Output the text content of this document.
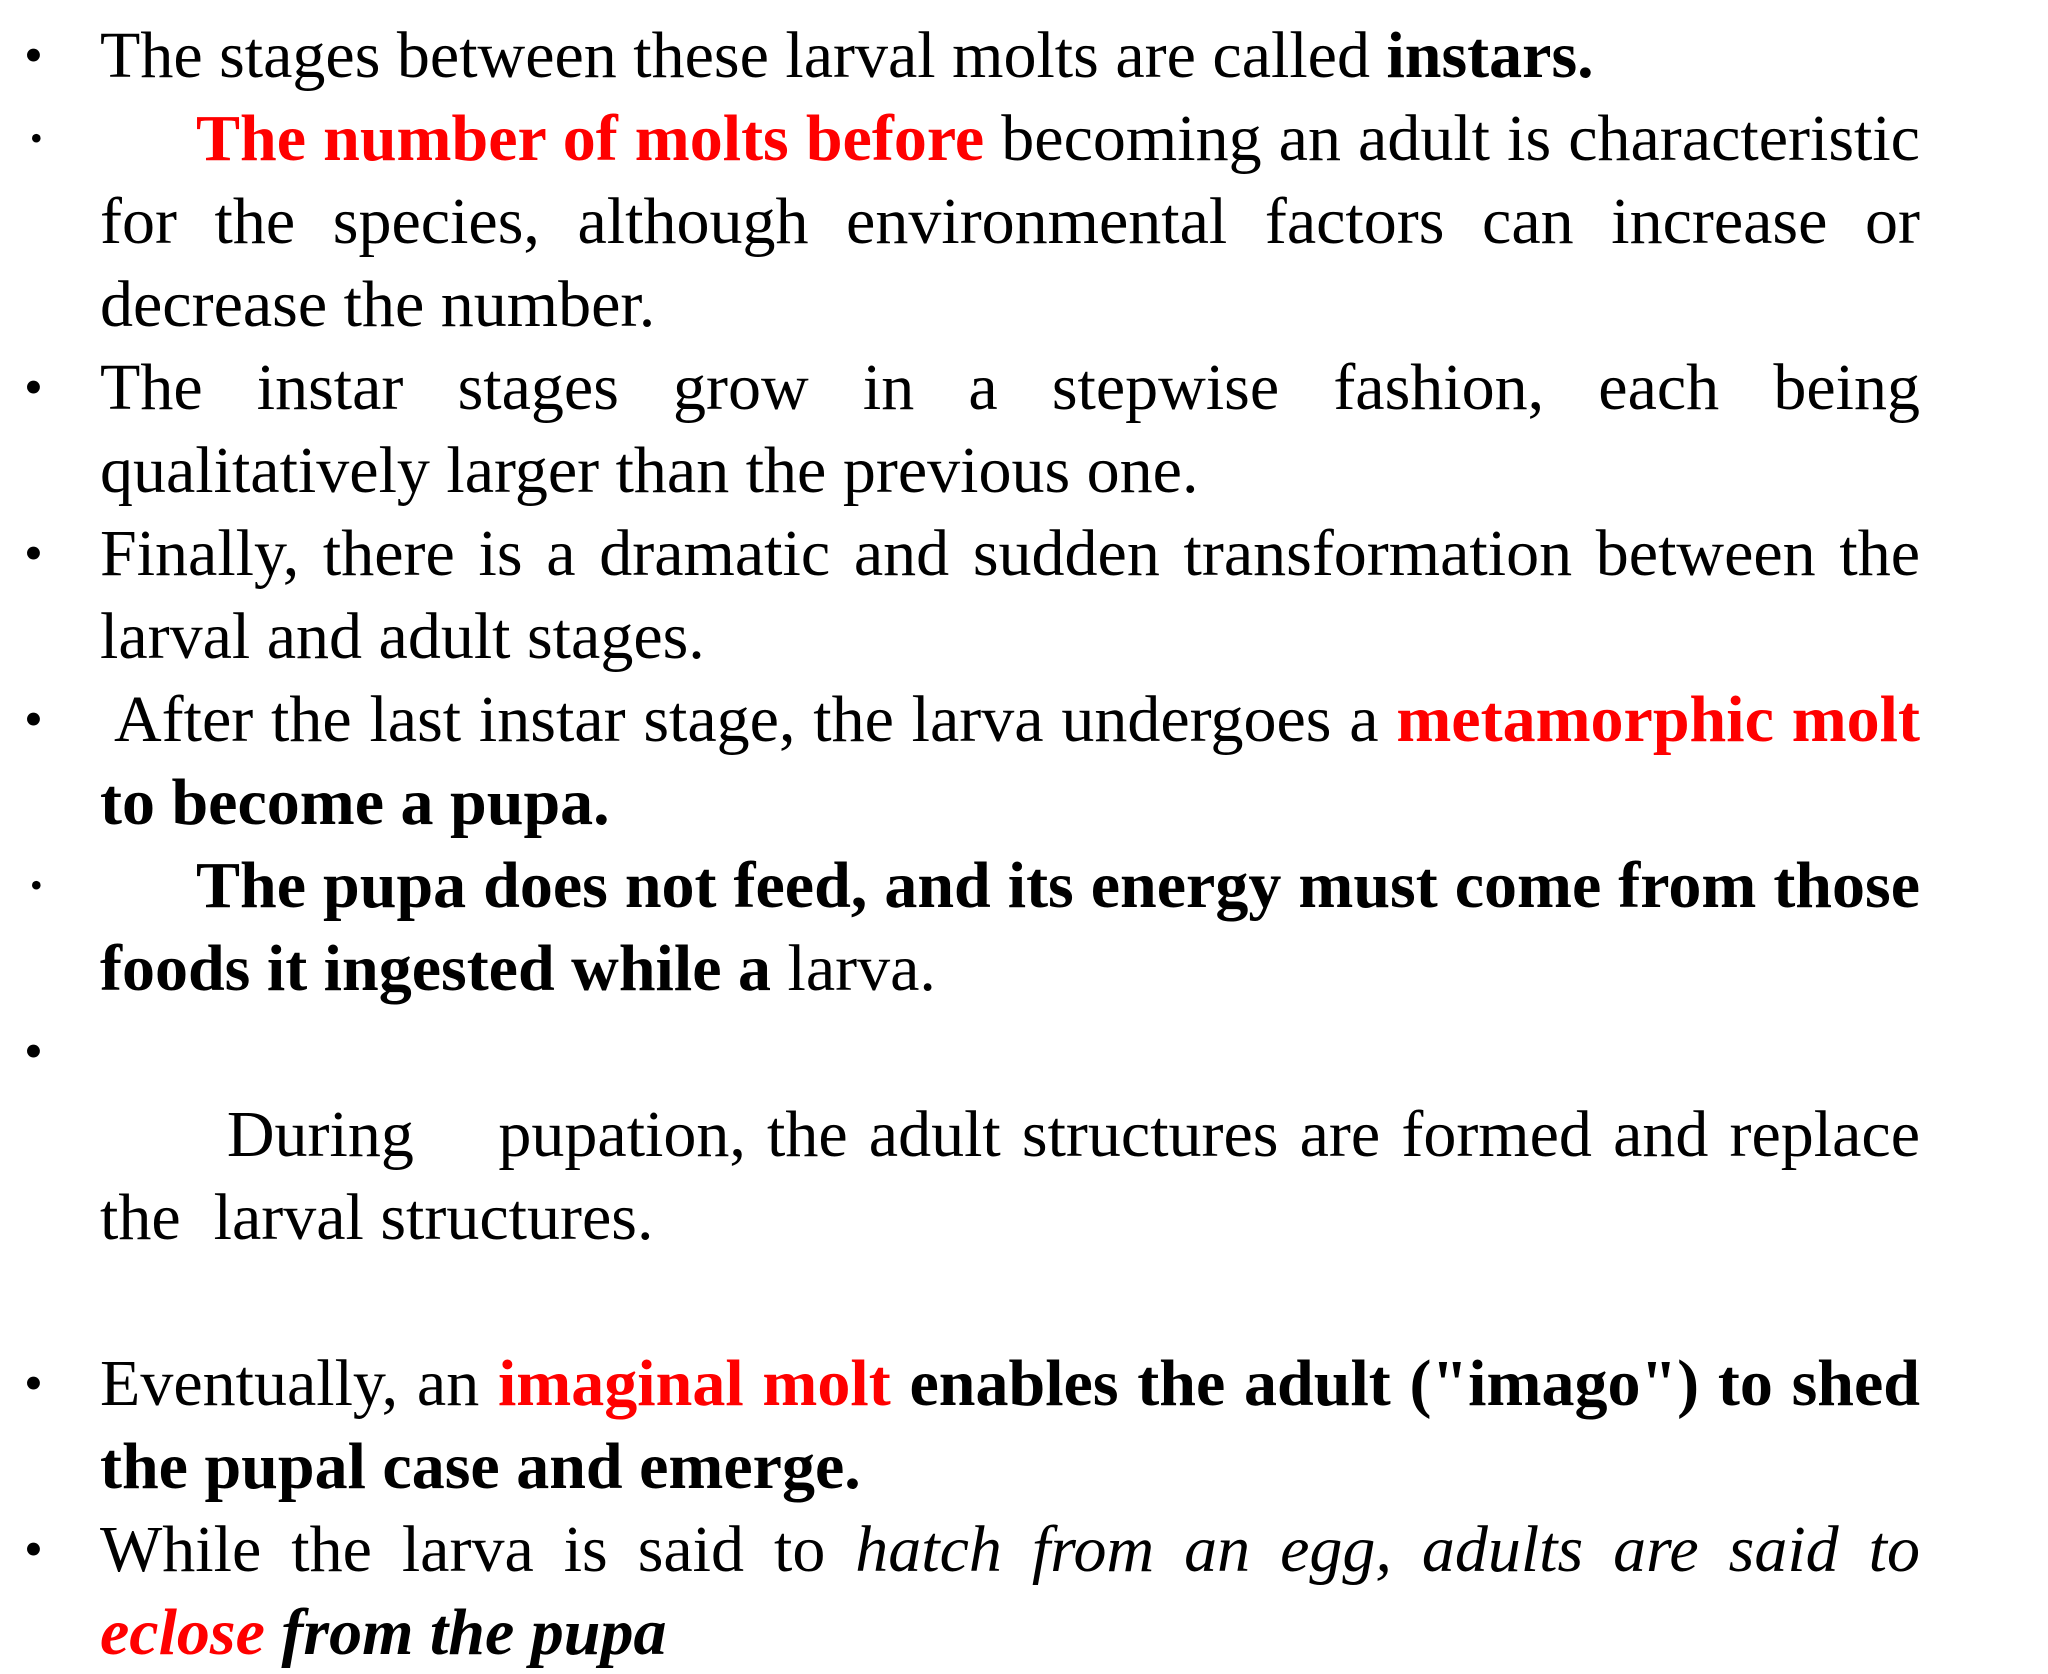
• The stages between these larval molts are called instars.
• The number of molts before becoming an adult is characteristic for the species, although environmental factors can increase or decrease the number.
• The instar stages grow in a stepwise fashion, each being qualitatively larger than the previous one.
• Finally, there is a dramatic and sudden transformation between the larval and adult stages.
• After the last instar stage, the larva undergoes a metamorphic molt to become a pupa.
• The pupa does not feed, and its energy must come from those foods it ingested while a larva.

•
During    pupation, the adult structures are formed and replace the  larval structures.

• Eventually, an imaginal molt enables the adult ("imago") to shed the pupal case and emerge.
• While the larva is said to hatch from an egg, adults are said to eclose from the pupa
